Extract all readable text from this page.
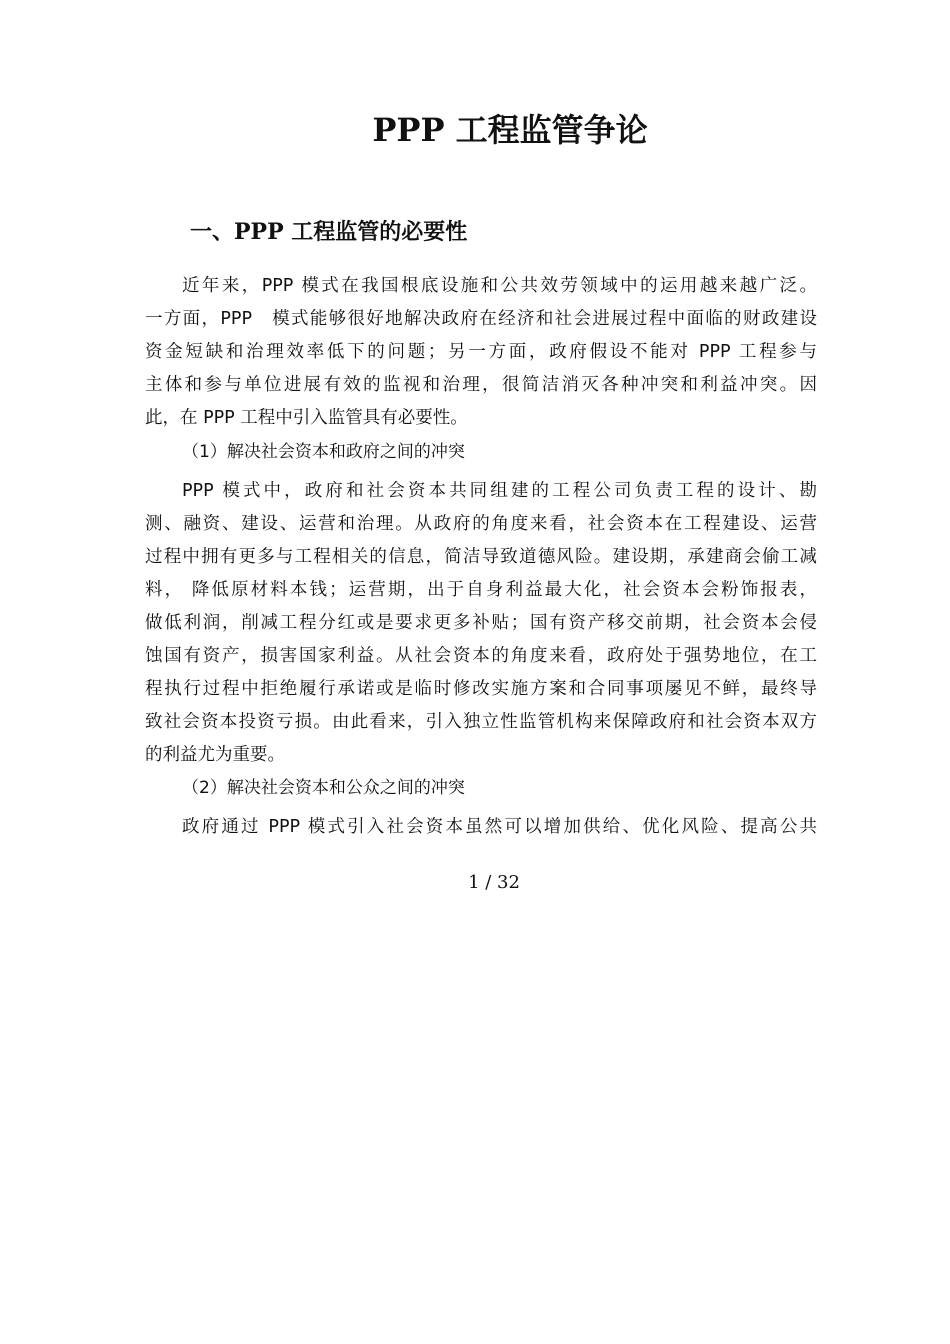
PPP 工程监管争论
一、PPP 工程监管的必要性
近年来，PPP 模式在我国根底设施和公共效劳领域中的运用越来越广泛。
一方面，PPP　模式能够很好地解决政府在经济和社会进展过程中面临的财政建设
资金短缺和治理效率低下的问题；另一方面，政府假设不能对 PPP 工程参与
主体和参与单位进展有效的监视和治理，很简洁消灭各种冲突和利益冲突。因
此，在 PPP 工程中引入监管具有必要性。
（1）解决社会资本和政府之间的冲突
PPP 模式中，政府和社会资本共同组建的工程公司负责工程的设计、勘
测、融资、建设、运营和治理。从政府的角度来看，社会资本在工程建设、运营
过程中拥有更多与工程相关的信息，简洁导致道德风险。建设期，承建商会偷工减
料， 降低原材料本钱；运营期，出于自身利益最大化，社会资本会粉饰报表，
做低利润，削减工程分红或是要求更多补贴；国有资产移交前期，社会资本会侵
蚀国有资产，损害国家利益。从社会资本的角度来看，政府处于强势地位，在工
程执行过程中拒绝履行承诺或是临时修改实施方案和合同事项屡见不鲜，最终导
致社会资本投资亏损。由此看来，引入独立性监管机构来保障政府和社会资本双方
的利益尤为重要。
（2）解决社会资本和公众之间的冲突
政府通过 PPP 模式引入社会资本虽然可以增加供给、优化风险、提高公共
1 / 32
